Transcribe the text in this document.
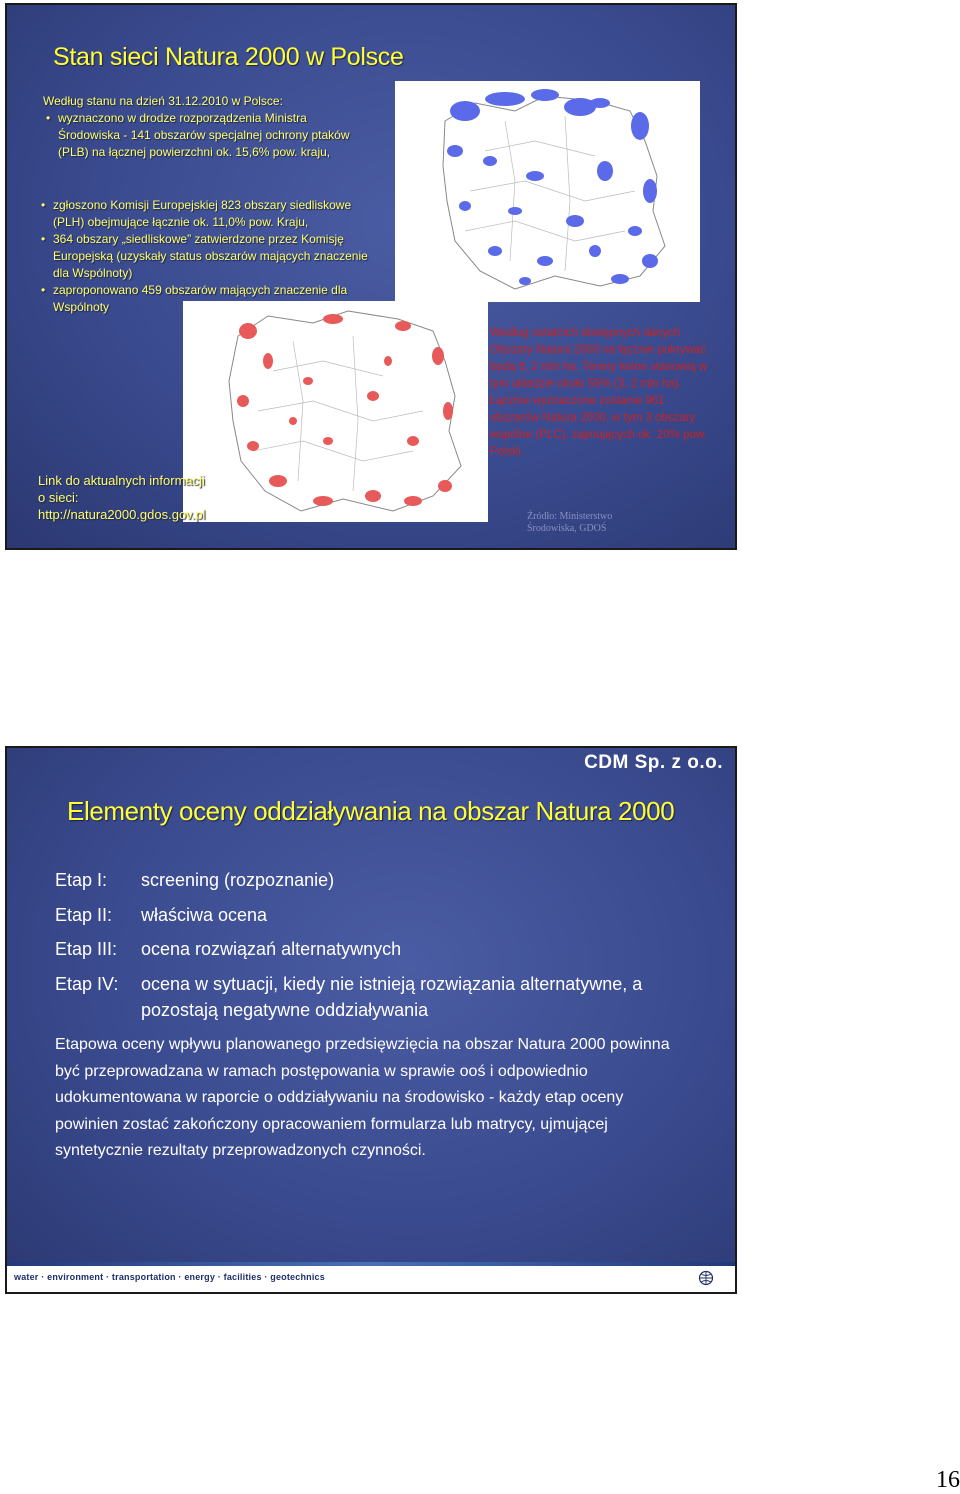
Stan sieci Natura 2000 w Polsce
Według stanu na dzień 31.12.2010 w Polsce:
• wyznaczono w drodze rozporządzenia Ministra
Środowiska - 141 obszarów specjalnej ochrony ptaków
(PLB) na łącznej powierzchni ok. 15,6% pow. kraju,
• zgłoszono Komisji Europejskiej 823 obszary siedliskowe
(PLH) obejmujące łącznie ok. 11,0% pow. Kraju,
• 364 obszary „siedliskowe” zatwierdzone przez Komisję
Europejską (uzyskały status obszarów mających znaczenie
dla Wspólnoty)
• zaproponowano 459 obszarów mających znaczenie dla
Wspólnoty
Według ostatnich dostępnych danych
Obszary Natura 2000 na łącznie pokrywać
będą 6, 2 mln ha. Tereny leśne stanowią w
tym układzie około 55% (3, 2 mln ha).
Łącznie wyznaczone zostanie 961
obszarów Natura 2000, w tym 3 obszary
wspólne (PLC), zajmujących ok. 20% pow.
Polski.
Źródło: Ministerstwo
Środowiska, GDOŚ
Link do aktualnych informacji
o sieci:
http://natura2000.gdos.gov.pl
CDM Sp. z o.o.
Elementy oceny oddziaływania na obszar Natura 2000
Etap I: screening (rozpoznanie)
Etap II: właściwa ocena
Etap III: ocena rozwiązań alternatywnych
Etap IV: ocena w sytuacji, kiedy nie istnieją rozwiązania alternatywne, a pozostają negatywne oddziaływania
Etapowa oceny wpływu planowanego przedsięwzięcia na obszar Natura 2000 powinna być przeprowadzana w ramach postępowania w sprawie ooś i odpowiednio udokumentowana w raporcie o oddziaływaniu na środowisko - każdy etap oceny powinien zostać zakończony opracowaniem formularza lub matrycy, ujmującej syntetycznie rezultaty przeprowadzonych czynności.
water · environment · transportation · energy · facilities · geotechnics
16
